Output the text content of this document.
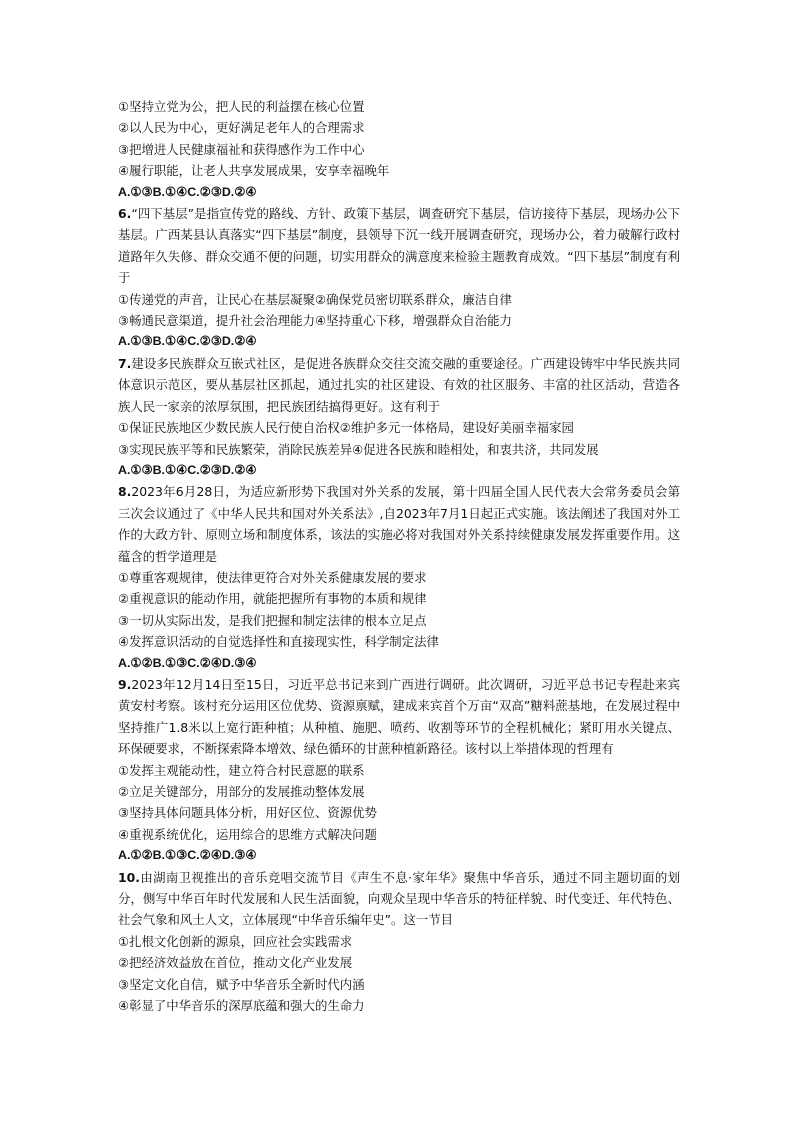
①坚持立党为公，把人民的利益摆在核心位置
②以人民为中心，更好满足老年人的合理需求
③把增进人民健康福祉和获得感作为工作中心
④履行职能，让老人共享发展成果，安享幸福晚年
A.①③B.①④C.②③D.②④
6.“四下基层”是指宣传党的路线、方针、政策下基层，调查研究下基层，信访接待下基层，现场办公下基层。广西某县认真落实“四下基层”制度，县领导下沉一线开展调查研究，现场办公，着力破解行政村道路年久失修、群众交通不便的问题，切实用群众的满意度来检验主题教育成效。“四下基层”制度有利于
①传递党的声音，让民心在基层凝聚②确保党员密切联系群众，廉洁自律
③畅通民意渠道，提升社会治理能力④坚持重心下移，增强群众自治能力
A.①③B.①④C.②③D.②④
7.建设多民族群众互嵌式社区，是促进各族群众交往交流交融的重要途径。广西建设铸牢中华民族共同体意识示范区，要从基层社区抓起，通过扎实的社区建设、有效的社区服务、丰富的社区活动，营造各族人民一家亲的浓厚氛围，把民族团结搞得更好。这有利于
①保证民族地区少数民族人民行使自治权②维护多元一体格局，建设好美丽幸福家园
③实现民族平等和民族繁荣，消除民族差异④促进各民族和睦相处，和衷共济，共同发展
A.①③B.①④C.②③D.②④
8.2023年6月28日，为适应新形势下我国对外关系的发展，第十四届全国人民代表大会常务委员会第三次会议通过了《中华人民共和国对外关系法》,自2023年7月1日起正式实施。该法阐述了我国对外工作的大政方针、原则立场和制度体系，该法的实施必将对我国对外关系持续健康发展发挥重要作用。这蕴含的哲学道理是
①尊重客观规律，使法律更符合对外关系健康发展的要求
②重视意识的能动作用，就能把握所有事物的本质和规律
③一切从实际出发，是我们把握和制定法律的根本立足点
④发挥意识活动的自觉选择性和直接现实性，科学制定法律
A.①②B.①③C.②④D.③④
9.2023年12月14日至15日，习近平总书记来到广西进行调研。此次调研，习近平总书记专程赴来宾黄安村考察。该村充分运用区位优势、资源禀赋，建成来宾首个万亩“双高”糖料蔗基地，在发展过程中坚持推广1.8米以上宽行距种植；从种植、施肥、喷药、收割等环节的全程机械化；紧盯用水关键点、环保硬要求，不断探索降本增效、绿色循环的甘蔗种植新路径。该村以上举措体现的哲理有
①发挥主观能动性，建立符合村民意愿的联系
②立足关键部分，用部分的发展推动整体发展
③坚持具体问题具体分析，用好区位、资源优势
④重视系统优化，运用综合的思维方式解决问题
A.①②B.①③C.②④D.③④
10.由湖南卫视推出的音乐竞唱交流节目《声生不息·家年华》聚焦中华音乐，通过不同主题切面的划分，侧写中华百年时代发展和人民生活面貌，向观众呈现中华音乐的特征样貌、时代变迁、年代特色、社会气象和风土人文，立体展现“中华音乐编年史”。这一节目
①扎根文化创新的源泉，回应社会实践需求
②把经济效益放在首位，推动文化产业发展
③坚定文化自信，赋予中华音乐全新时代内涵
④彰显了中华音乐的深厚底蕴和强大的生命力
